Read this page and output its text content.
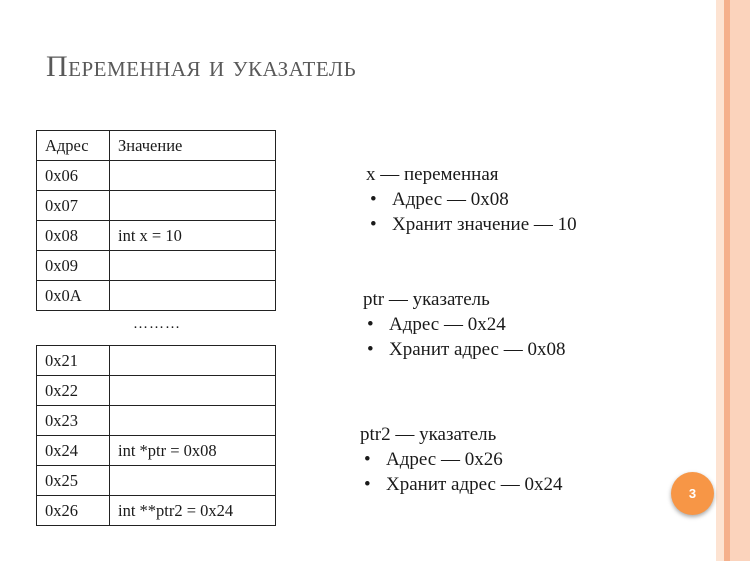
Переменная и указатель
Адрес	Значение
0x06	
0x07	
0x08	int x = 10
0x09	
0x0A	
………
0x21	
0x22	
0x23	
0x24	int *ptr = 0x08
0x25	
0x26	int **ptr2 = 0x24

x — переменная

• Адрес — 0x08
• Хранит значение — 10

ptr — указатель

• Адрес — 0x24
• Хранит адрес — 0x08

ptr2 — указатель

• Адрес — 0x26
• Хранит адрес — 0x24	3
